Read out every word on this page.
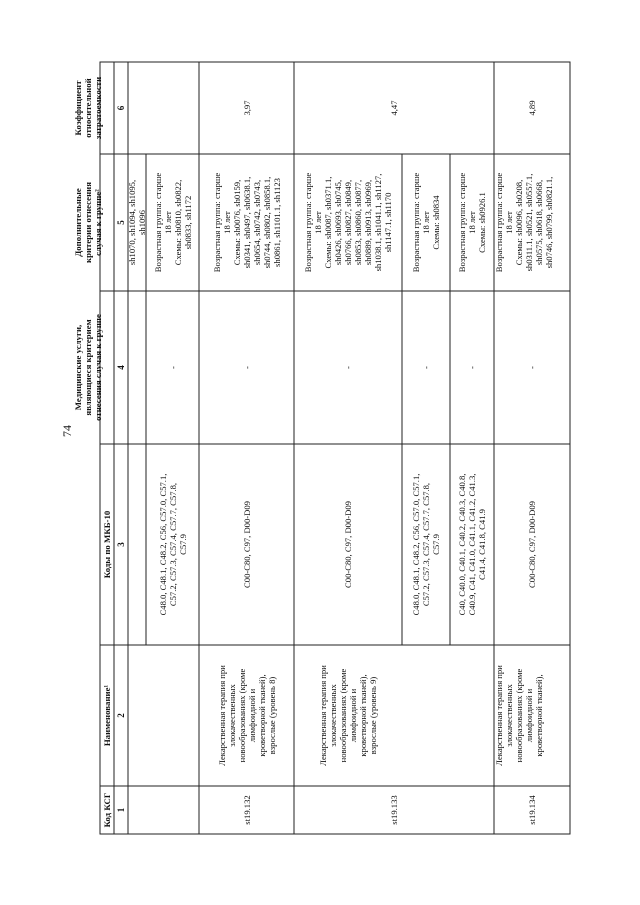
74
Код КСГ
Наименование¹
Коды по МКБ-10
Медицинские услуги,
являющиеся критерием
отнесения случая к группе
Дополнительные
критерии отнесения
случая к группе²
Коэффициент
относительной
затратоемкости
1
2
3
4
5
6
sh1070, sh1094, sh1095,
sh1096
C48.0, C48.1, C48.2, C56, C57.0, C57.1,
C57.2, C57.3, C57.4, C57.7, C57.8,
C57.9
-
Возрастная группа: старше
18 лет
Схемы: sh0810, sh0822,
sh0833, sh1172
st19.132
Лекарственная терапия при
злокачественных
новообразованиях (кроме
лимфоидной и
кроветворной тканей),
взрослые (уровень 8)
C00-C80, C97, D00-D09
-
Возрастная группа: старше
18 лет
Схемы: sh0076, sh0159,
sh0341, sh0497, sh0638.1,
sh0654, sh0742, sh0743,
sh0744, sh0802, sh0858.1,
sh0861, sh1101.1, sh1123
3,97
st19.133
Лекарственная терапия при
злокачественных
новообразованиях (кроме
лимфоидной и
кроветворной тканей),
взрослые (уровень 9)
C00-C80, C97, D00-D09
-
Возрастная группа: старше
18 лет
Схемы: sh0087, sh0371.1,
sh0426, sh0693, sh0745,
sh0766, sh0827, sh0849,
sh0853, sh0860, sh0877,
sh0889, sh0913, sh0969,
sh1038.1, sh1041.1, sh1127,
sh1147.1, sh1170
4,47
C48.0, C48.1, C48.2, C56, C57.0, C57.1,
C57.2, C57.3, C57.4, C57.7, C57.8,
C57.9
-
Возрастная группа: старше
18 лет
Схемы: sh0834
C40, C40.0, C40.1, C40.2, C40.3, C40.8,
C40.9, C41, C41.0, C41.1, C41.2, C41.3,
C41.4, C41.8, C41.9
-
Возрастная группа: старше
18 лет
Схемы: sh0926.1
st19.134
Лекарственная терапия при
злокачественных
новообразованиях (кроме
лимфоидной и
кроветворной тканей),
C00-C80, C97, D00-D09
-
Возрастная группа: старше
18 лет
Схемы: sh0096, sh0208,
sh0311.1, sh0521, sh0557.1,
sh0575, sh0618, sh0668,
sh0746, sh0799, sh0821.1,
4,89
